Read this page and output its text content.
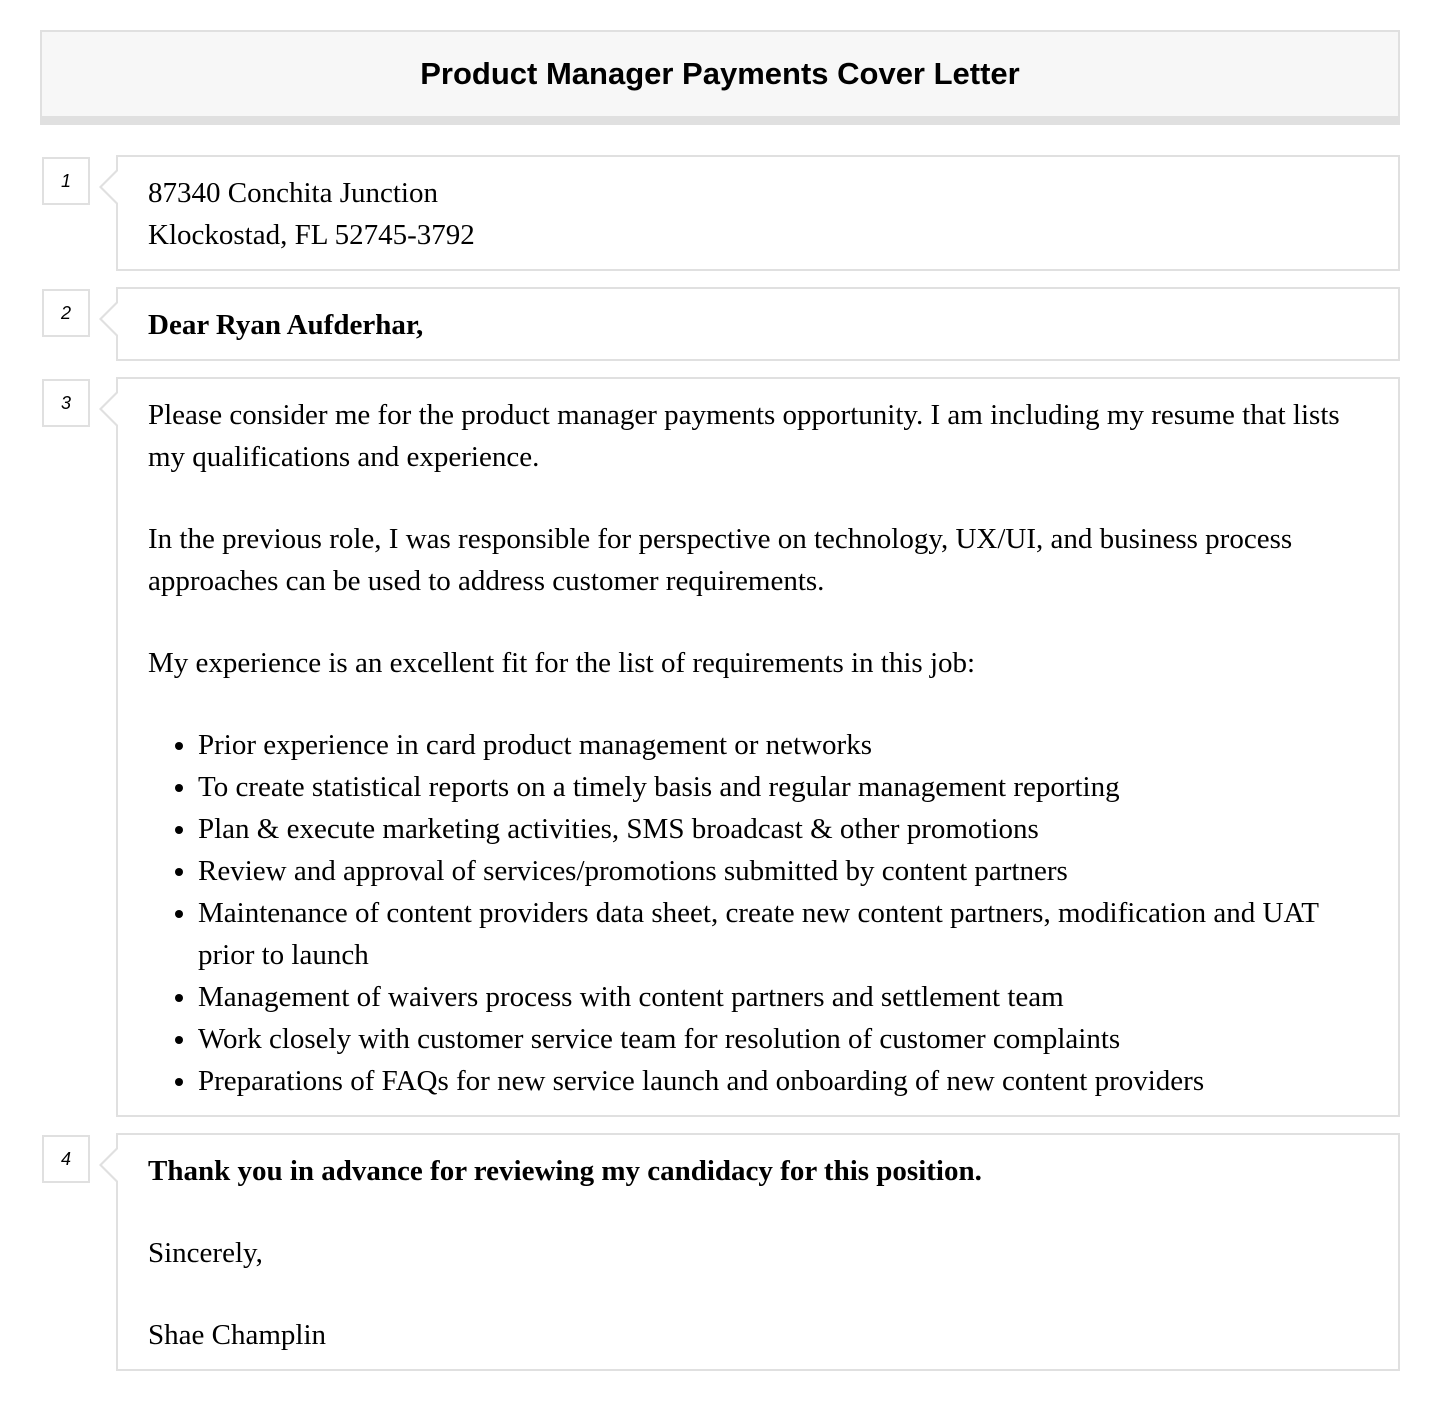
Product Manager Payments Cover Letter
1	87340 Conchita Junction
Klockostad, FL 52745-3792
2	Dear Ryan Aufderhar,
3	Please consider me for the product manager payments opportunity. I am including my resume that lists my qualifications and experience.
In the previous role, I was responsible for perspective on technology, UX/UI, and business process approaches can be used to address customer requirements.
My experience is an excellent fit for the list of requirements in this job:
• Prior experience in card product management or networks
• To create statistical reports on a timely basis and regular management reporting
• Plan & execute marketing activities, SMS broadcast & other promotions
• Review and approval of services/promotions submitted by content partners
• Maintenance of content providers data sheet, create new content partners, modification and UAT prior to launch
• Management of waivers process with content partners and settlement team
• Work closely with customer service team for resolution of customer complaints
• Preparations of FAQs for new service launch and onboarding of new content providers
4	Thank you in advance for reviewing my candidacy for this position.
Sincerely,
Shae Champlin
